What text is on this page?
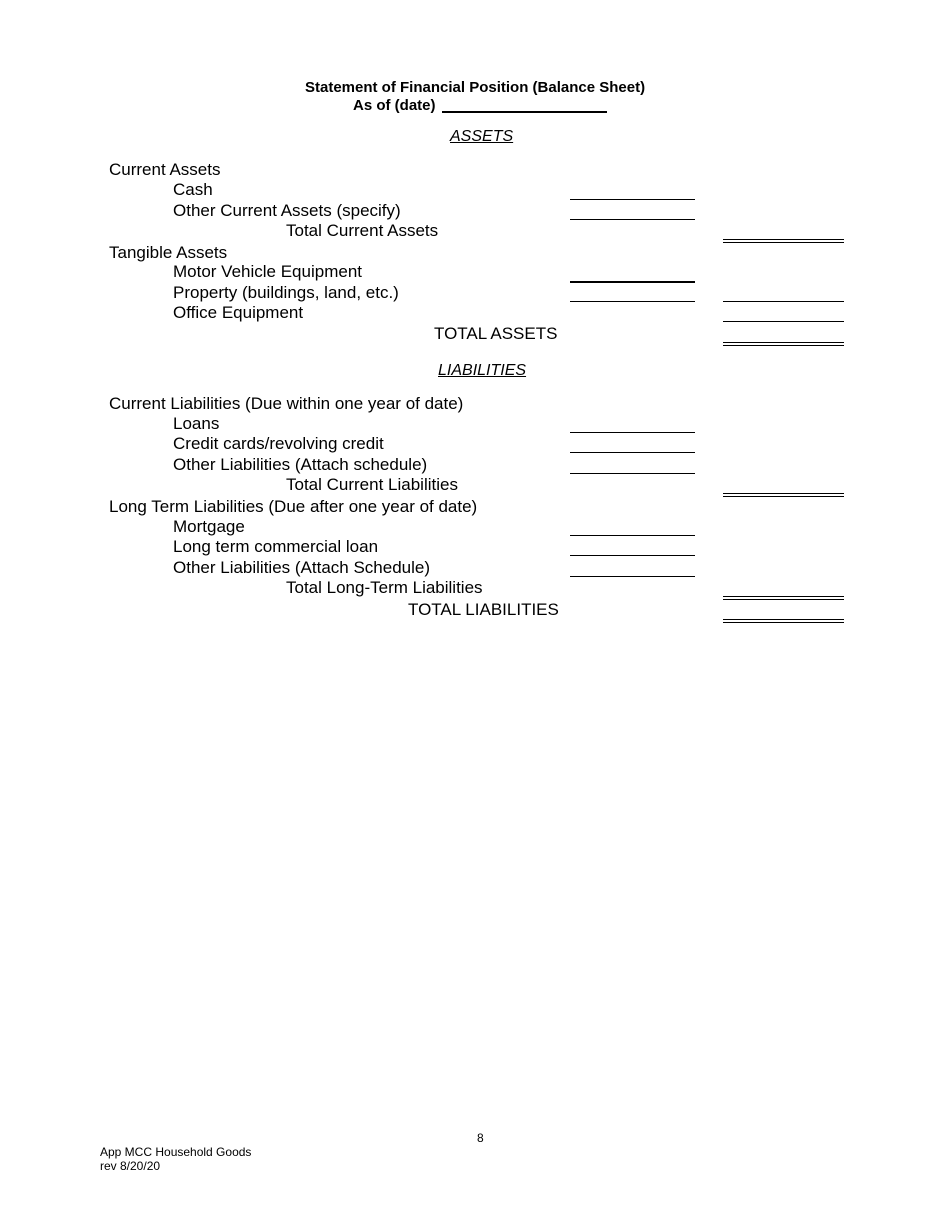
Statement of Financial Position (Balance Sheet)
As of (date)
ASSETS
Current Assets
Cash
Other Current Assets (specify)
Total Current Assets
Tangible Assets
Motor Vehicle Equipment
Property (buildings, land, etc.)
Office Equipment
TOTAL ASSETS
LIABILITIES
Current Liabilities (Due within one year of date)
Loans
Credit cards/revolving credit
Other Liabilities (Attach schedule)
Total Current Liabilities
Long Term Liabilities (Due after one year of date)
Mortgage
Long term commercial loan
Other Liabilities (Attach Schedule)
Total Long-Term Liabilities
TOTAL LIABILITIES
8
App MCC Household Goods
rev 8/20/20
